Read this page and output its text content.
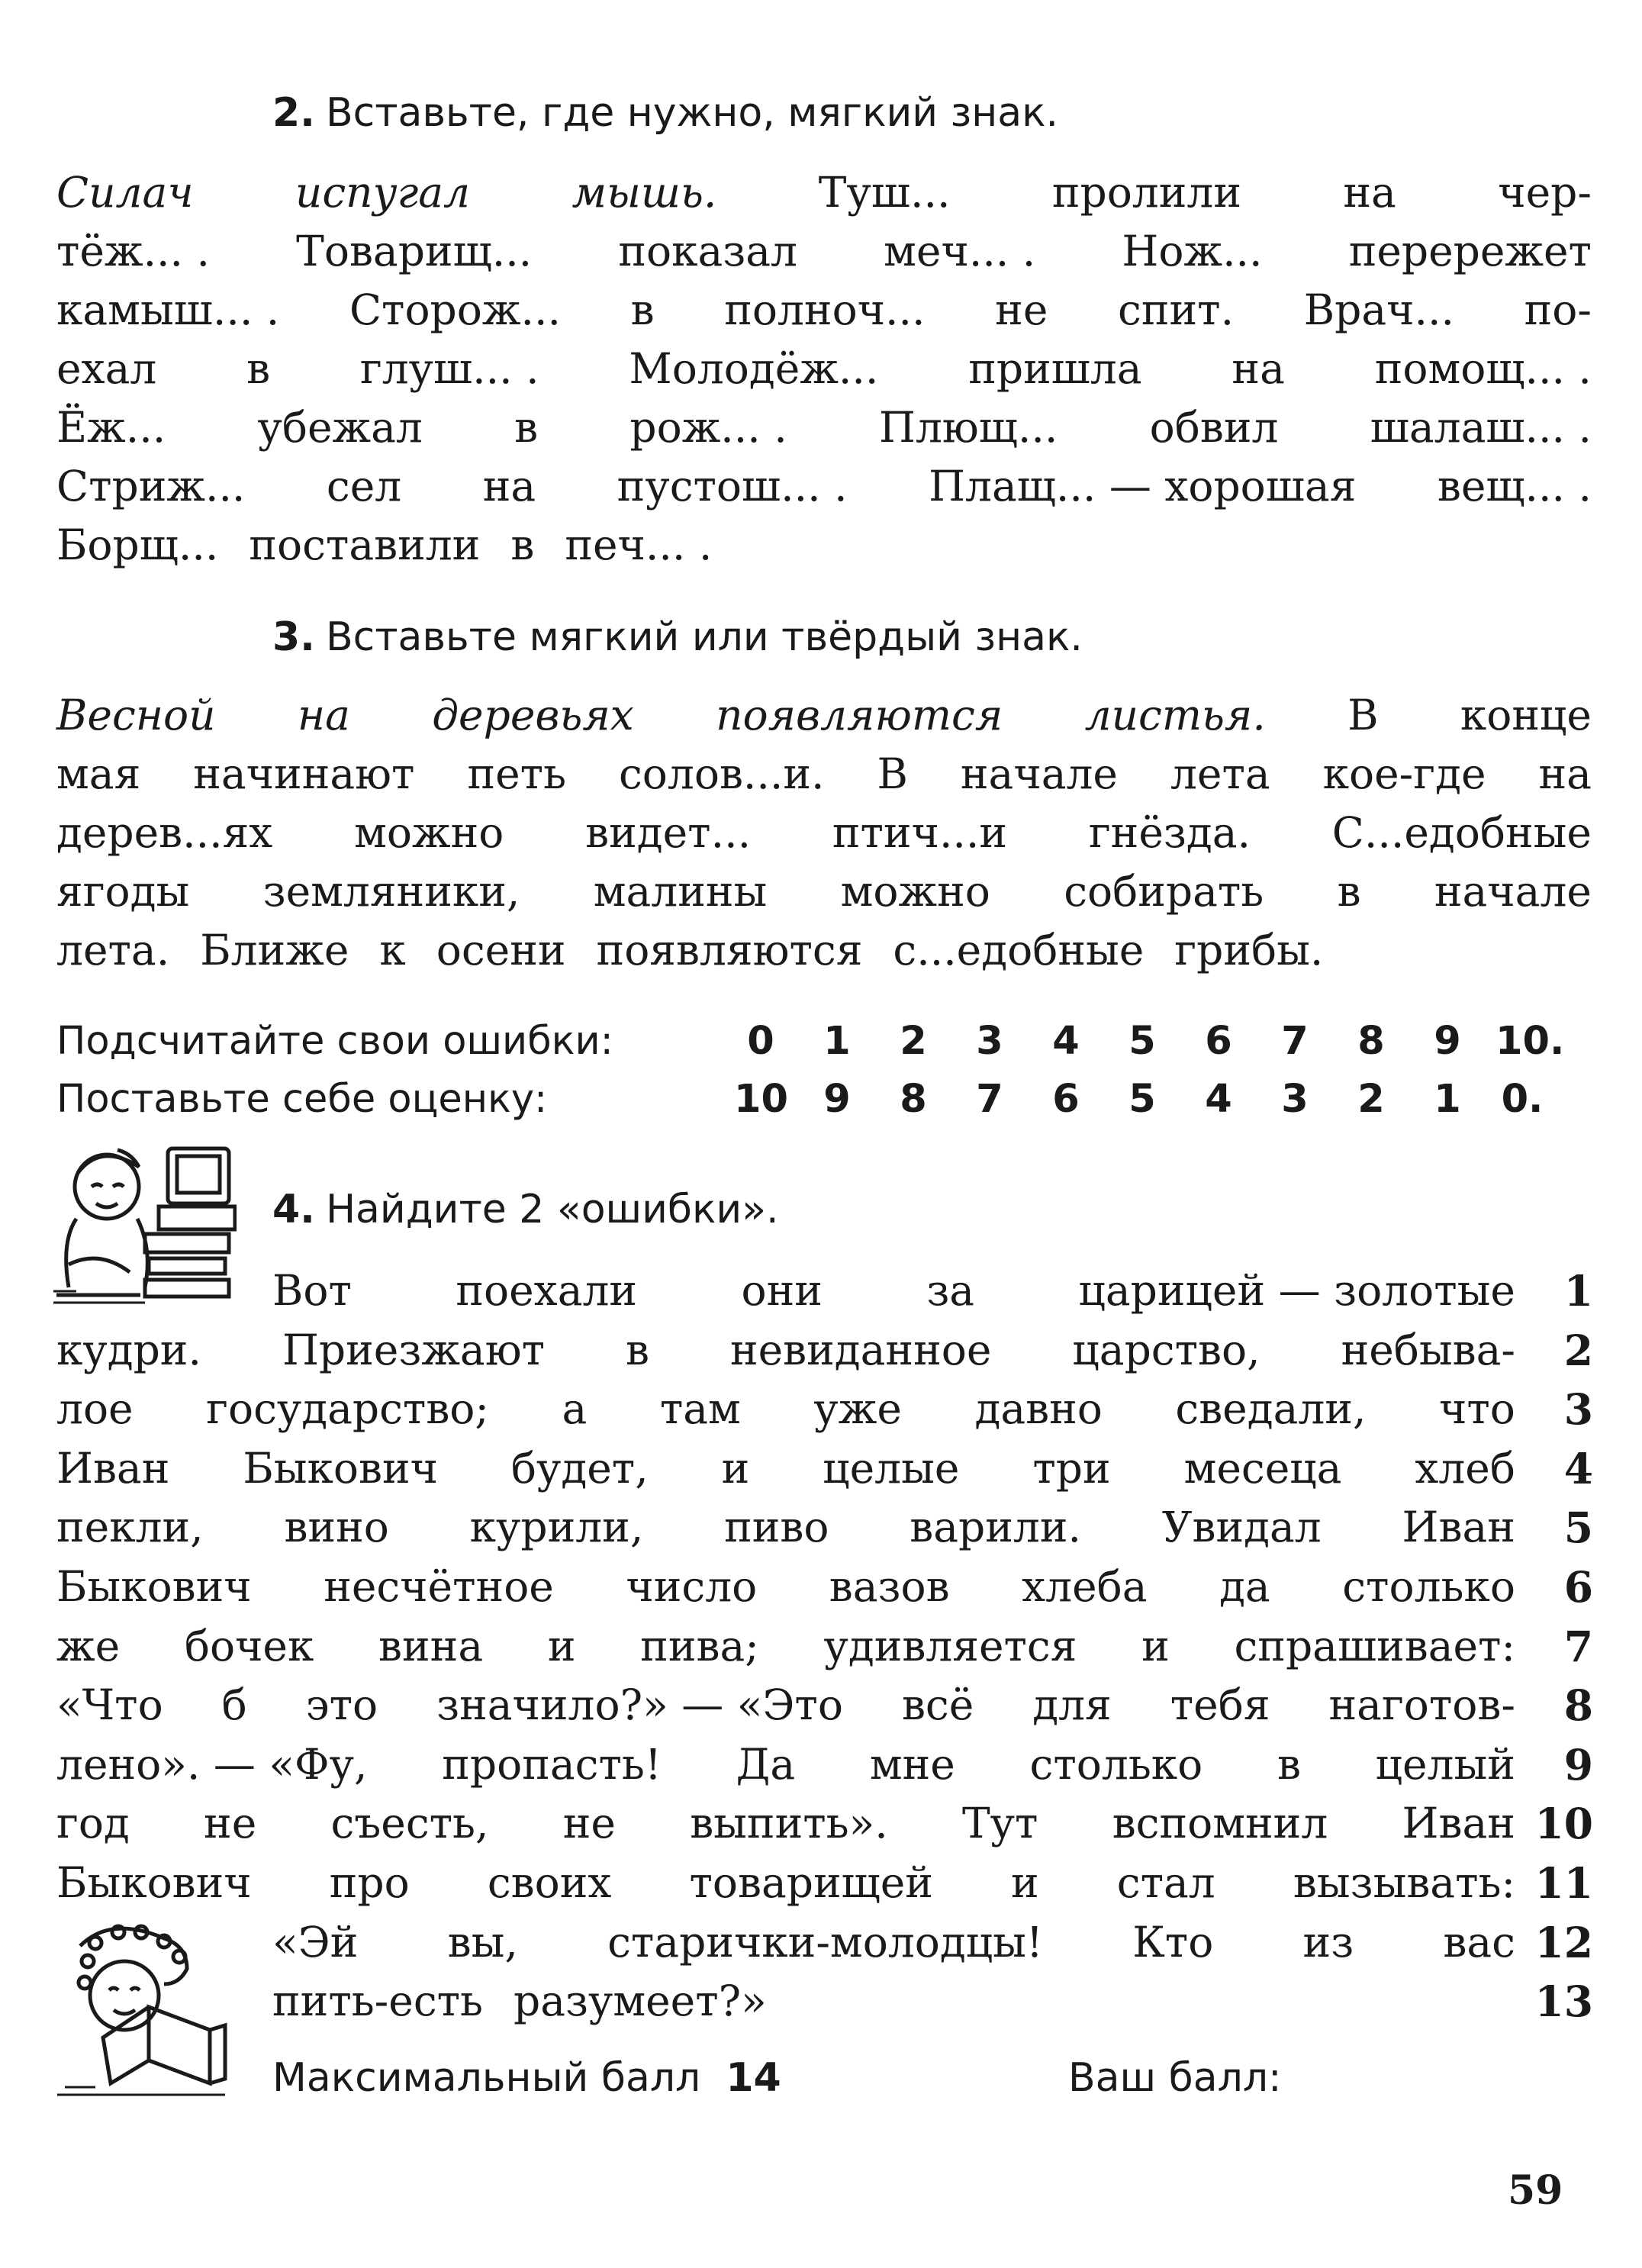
2. Вставьте, где нужно, мягкий знак.
Силач испугал мышь. Туш... пролили на чер-
тёж... . Товарищ... показал меч... . Нож... перережет
камыш... . Сторож... в полноч... не спит. Врач... по-
ехал в глуш... . Молодёж... пришла на помощ... .
Ёж... убежал в рож... . Плющ... обвил шалаш... .
Стриж... сел на пустош... . Плащ... — хорошая вещ... .
Борщ... поставили в печ... .
3. Вставьте мягкий или твёрдый знак.
Весной на деревьях появляются листья. В конце
мая начинают петь солов...и. В начале лета кое-где на
дерев...ях можно видет... птич...и гнёзда. С...едобные
ягоды земляники, малины можно собирать в начале
лета. Ближе к осени появляются с...едобные грибы.
Подсчитайте свои ошибки:	0	1	2	3	4	5	6	7	8	9 10.
Поставьте себе оценку:	10 9	8	7	6	5	4	3	2	1	0.
4. Найдите 2 «ошибки».
Вот поехали они за царицей — золотые
кудри. Приезжают в невиданное царство, небыва-
лое государство; а там уже давно сведали, что
Иван Быкович будет, и целые три месеца хлеб
пекли, вино курили, пиво варили. Увидал Иван
Быкович несчётное число вазов хлеба да столько
же бочек вина и пива; удивляется и спрашивает:
«Что б это значило?» — «Это всё для тебя наготов-
лено». — «Фу, пропасть! Да мне столько в целый
год не съесть, не выпить». Тут вспомнил Иван
Быкович про своих товарищей и стал вызывать:
«Эй вы, старички-молодцы! Кто из вас
пить-есть разумеет?»
1
2
3
4
5
6
7
8
9
10
11
12
13
Максимальный балл 14	Ваш балл:
59
